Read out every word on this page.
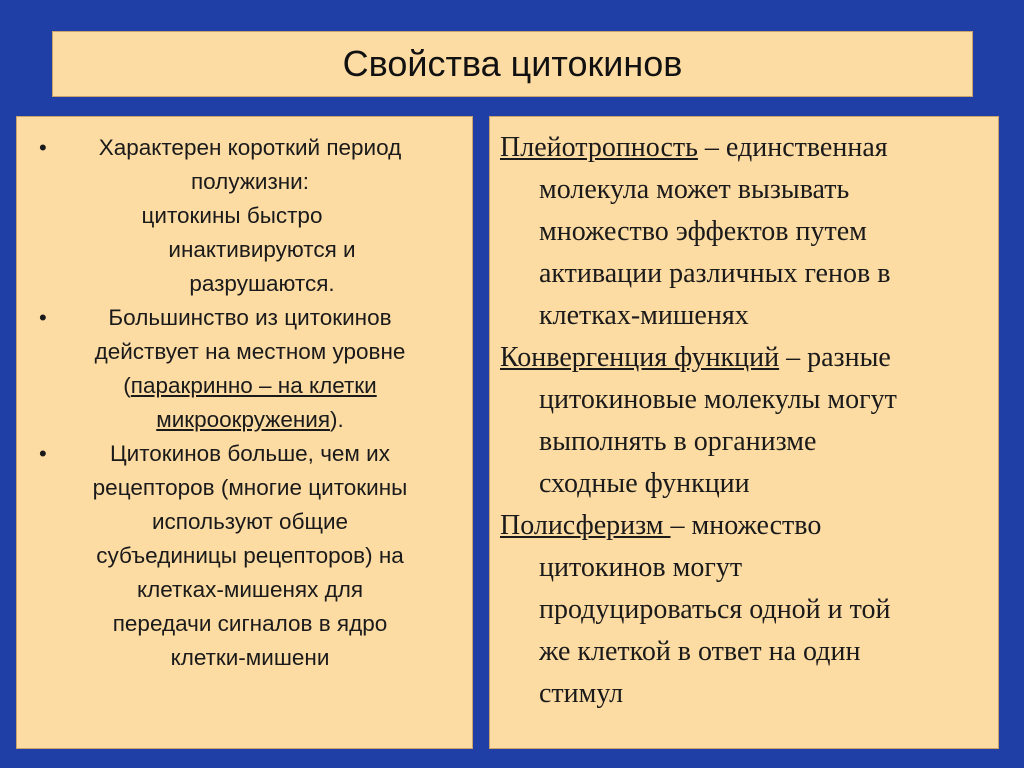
Свойства цитокинов
•	Характерен короткий период
полужизни:
цитокины быстро
инактивируются и
разрушаются.
•	Большинство из цитокинов
действует на местном уровне
(паракринно – на клетки
микроокружения).
•	Цитокинов больше, чем их
рецепторов (многие цитокины
используют общие
субъединицы рецепторов) на
клетках-мишенях для
передачи сигналов в ядро
клетки-мишени
Плейотропность – единственная
молекула может вызывать
множество эффектов путем
активации различных генов в
клетках-мишенях
Конвергенция функций – разные
цитокиновые молекулы могут
выполнять в организме
сходные функции
Полисферизм – множество
цитокинов могут
продуцироваться одной и той
же клеткой в ответ на один
стимул
